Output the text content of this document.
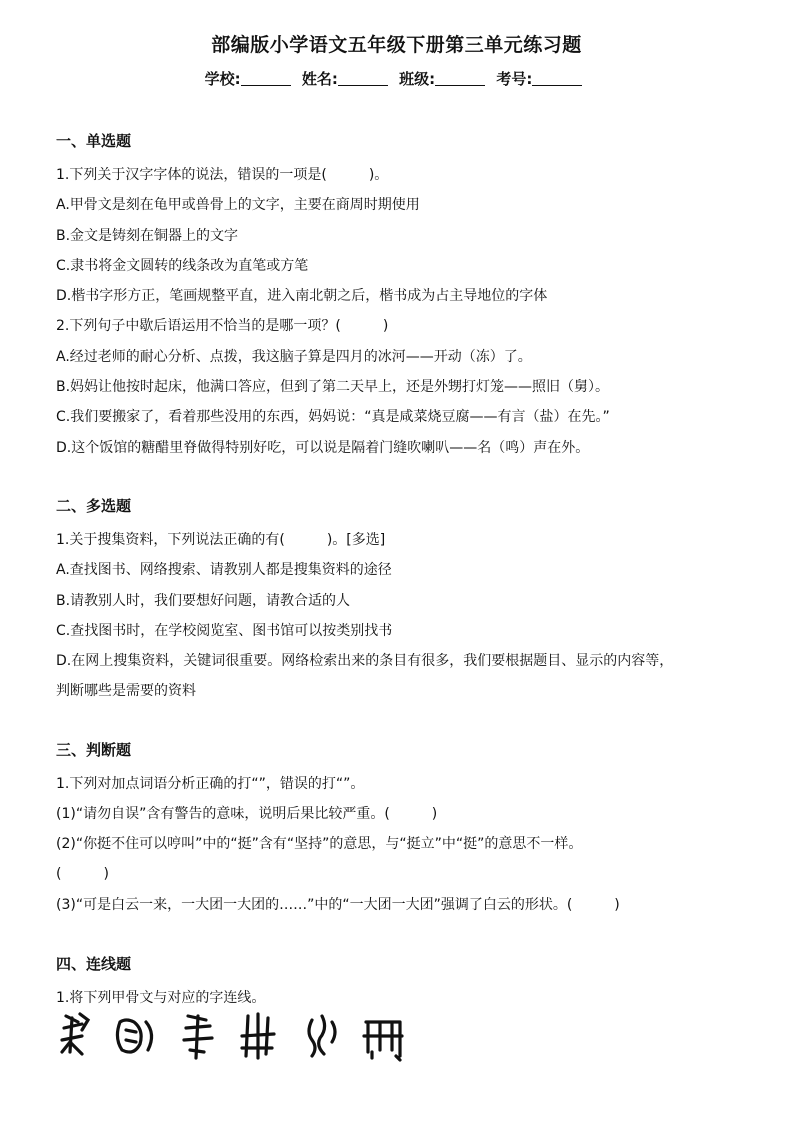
部编版小学语文五年级下册第三单元练习题
学校:	姓名:	班级:	考号:
一、单选题
1.下列关于汉字字体的说法，错误的一项是(　　　)。
A.甲骨文是刻在龟甲或兽骨上的文字，主要在商周时期使用
B.金文是铸刻在铜器上的文字
C.隶书将金文圆转的线条改为直笔或方笔
D.楷书字形方正，笔画规整平直，进入南北朝之后，楷书成为占主导地位的字体
2.下列句子中歇后语运用不恰当的是哪一项？(　　　)
A.经过老师的耐心分析、点拨，我这脑子算是四月的冰河——开动（冻）了。
B.妈妈让他按时起床，他满口答应，但到了第二天早上，还是外甥打灯笼——照旧（舅）。
C.我们要搬家了，看着那些没用的东西，妈妈说：“真是咸菜烧豆腐——有言（盐）在先。”
D.这个饭馆的糖醋里脊做得特别好吃，可以说是隔着门缝吹喇叭——名（鸣）声在外。
二、多选题
1.关于搜集资料，下列说法正确的有(　　　)。[多选]
A.查找图书、网络搜索、请教别人都是搜集资料的途径
B.请教别人时，我们要想好问题，请教合适的人
C.查找图书时，在学校阅览室、图书馆可以按类别找书
D.在网上搜集资料，关键词很重要。网络检索出来的条目有很多，我们要根据题目、显示的内容等，
判断哪些是需要的资料
三、判断题
1.下列对加点词语分析正确的打“”，错误的打“”。
(1)“请勿自误”含有警告的意味，说明后果比较严重。(　　　)
(2)“你挺不住可以哼叫”中的“挺”含有“坚持”的意思，与“挺立”中“挺”的意思不一样。
(　　　)
(3)“可是白云一来，一大团一大团的……”中的“一大团一大团”强调了白云的形状。(　　　)
四、连线题
1.将下列甲骨文与对应的字连线。
